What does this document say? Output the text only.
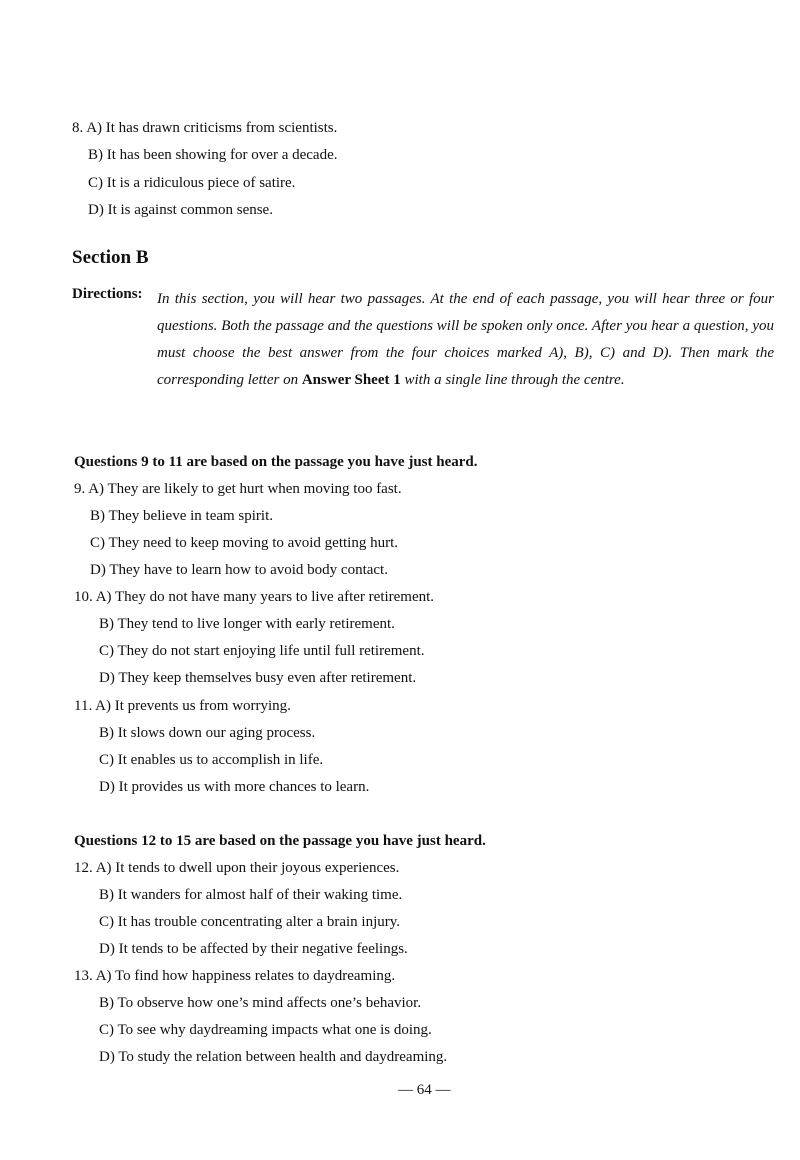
8. A) It has drawn criticisms from scientists.
B) It has been showing for over a decade.
C) It is a ridiculous piece of satire.
D) It is against common sense.
Section B
Directions: In this section, you will hear two passages. At the end of each passage, you will hear three or four questions. Both the passage and the questions will be spoken only once. After you hear a question, you must choose the best answer from the four choices marked A), B), C) and D). Then mark the corresponding letter on Answer Sheet 1 with a single line through the centre.
Questions 9 to 11 are based on the passage you have just heard.
9. A) They are likely to get hurt when moving too fast.
B) They believe in team spirit.
C) They need to keep moving to avoid getting hurt.
D) They have to learn how to avoid body contact.
10. A) They do not have many years to live after retirement.
B) They tend to live longer with early retirement.
C) They do not start enjoying life until full retirement.
D) They keep themselves busy even after retirement.
11. A) It prevents us from worrying.
B) It slows down our aging process.
C) It enables us to accomplish in life.
D) It provides us with more chances to learn.
Questions 12 to 15 are based on the passage you have just heard.
12. A) It tends to dwell upon their joyous experiences.
B) It wanders for almost half of their waking time.
C) It has trouble concentrating alter a brain injury.
D) It tends to be affected by their negative feelings.
13. A) To find how happiness relates to daydreaming.
B) To observe how one’s mind affects one’s behavior.
C) To see why daydreaming impacts what one is doing.
D) To study the relation between health and daydreaming.
— 64 —
